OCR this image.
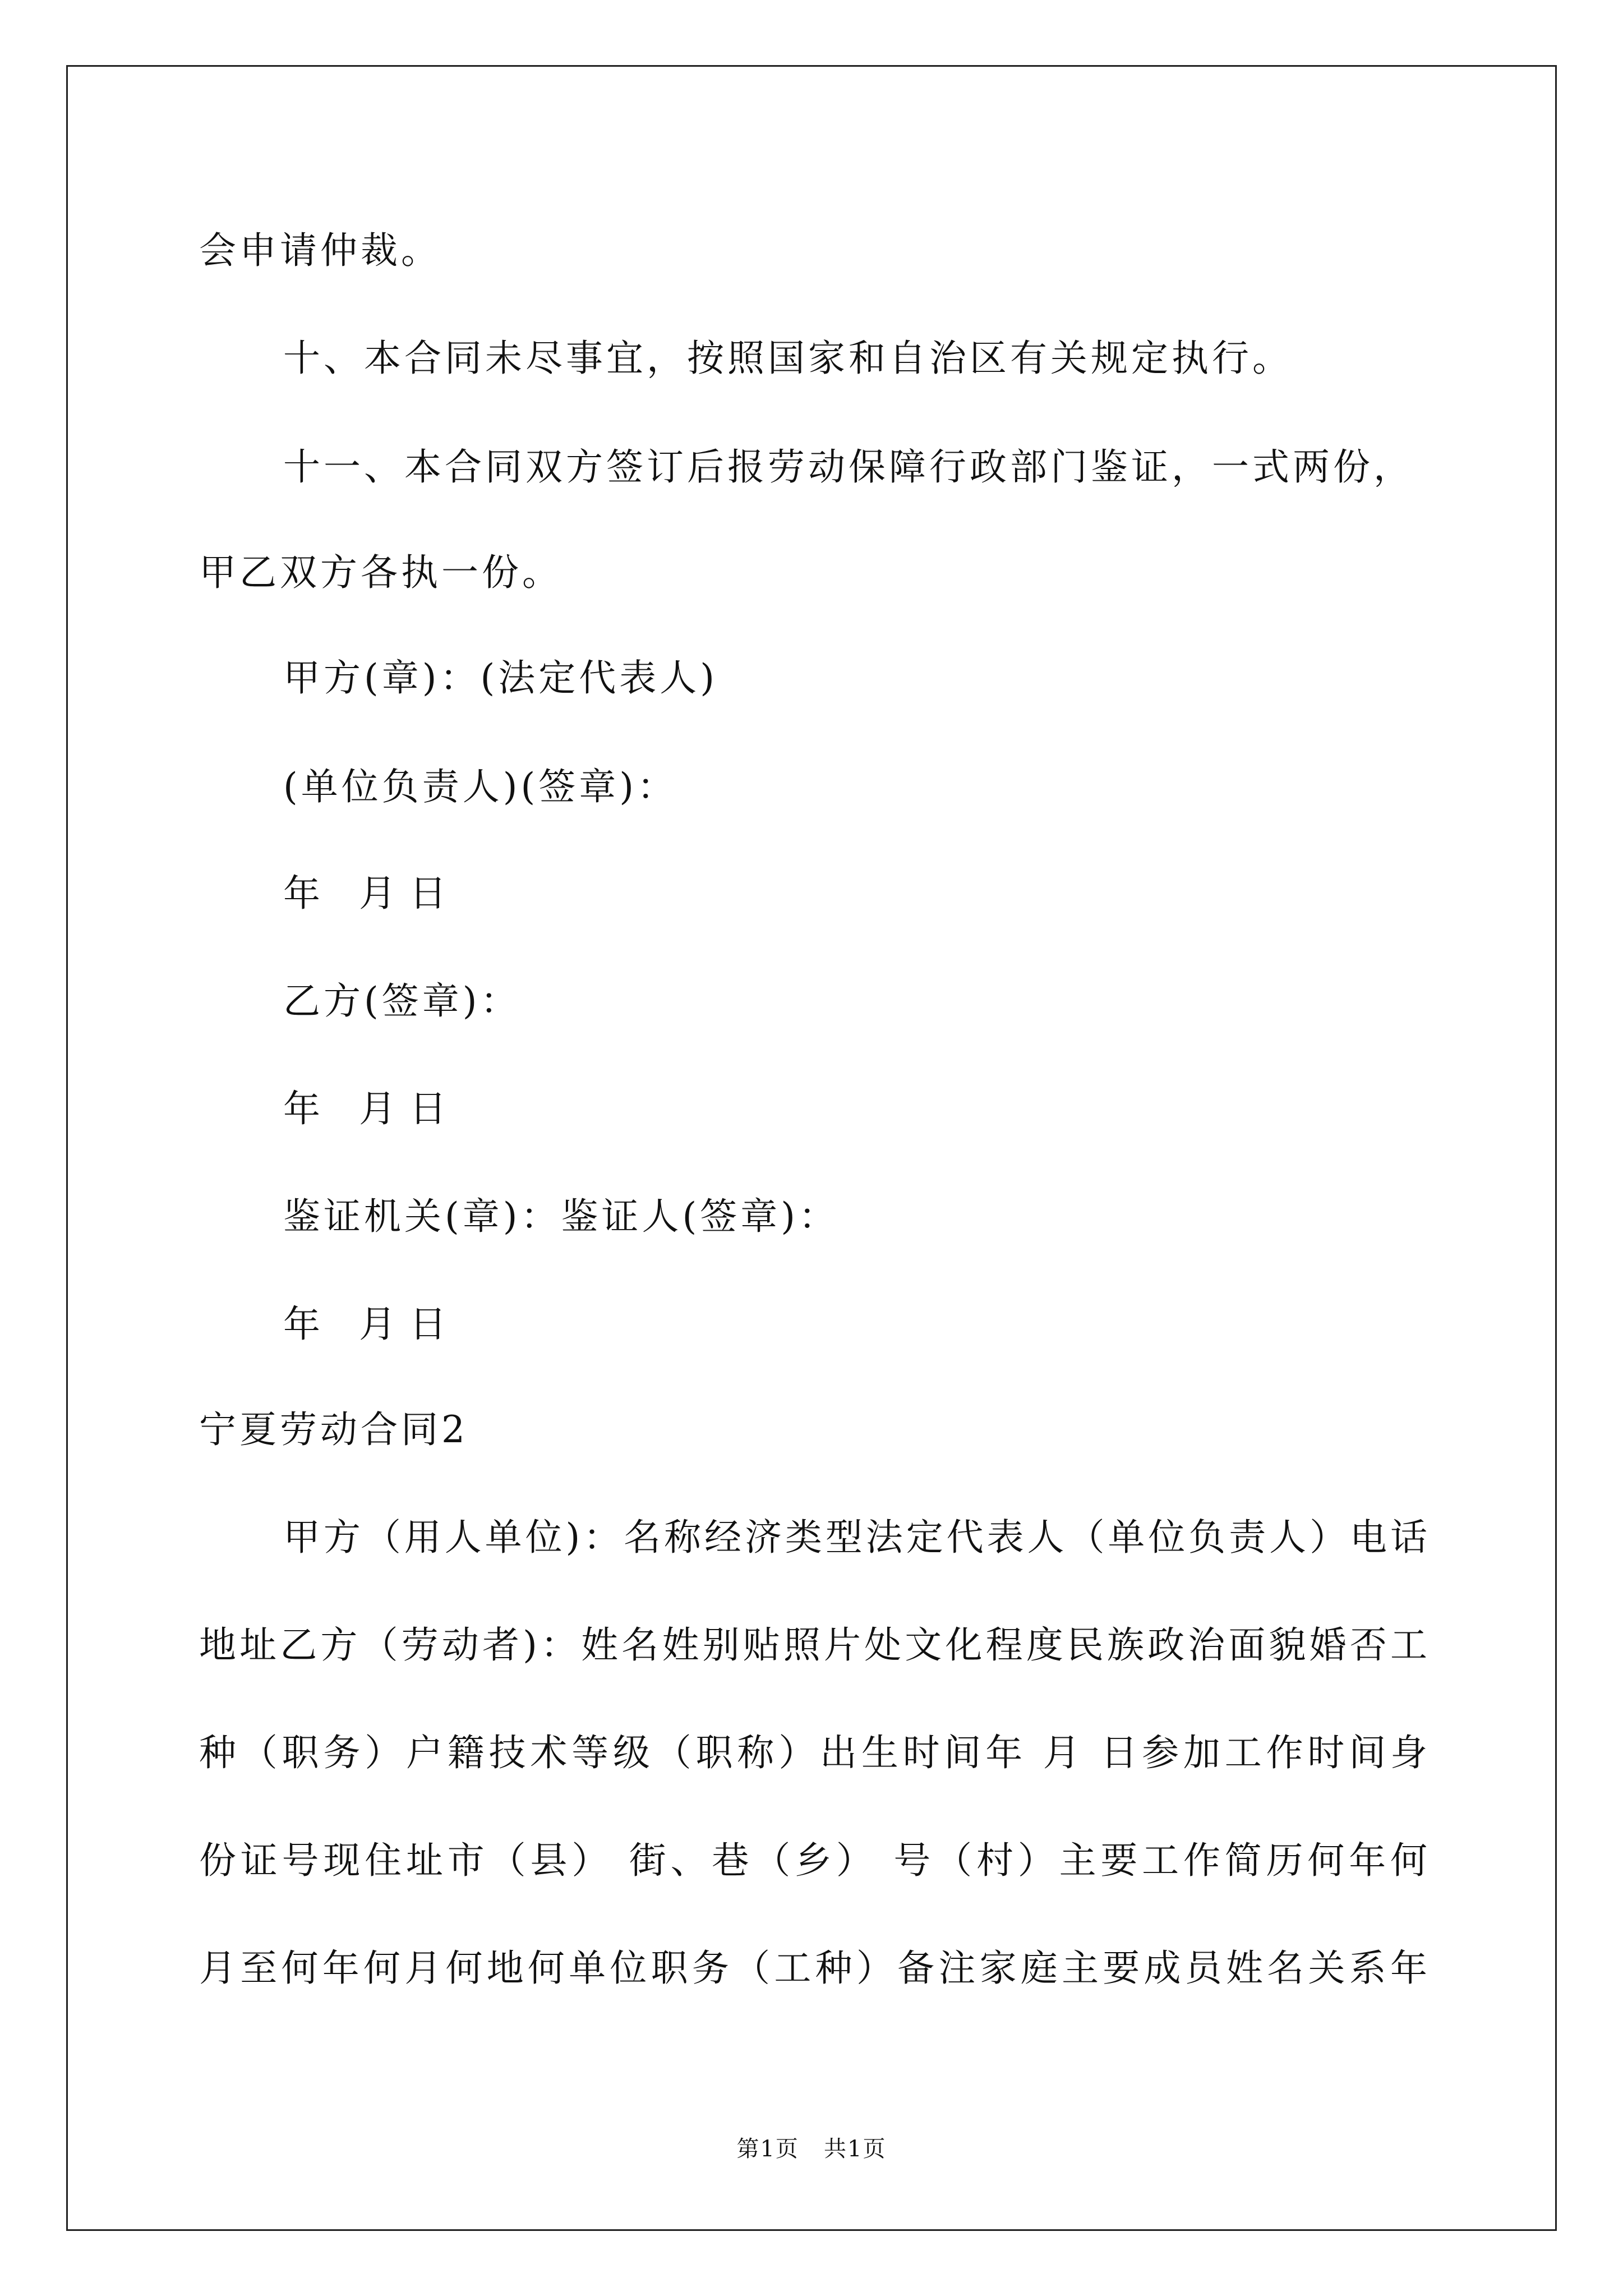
会申请仲裁。
十、本合同未尽事宜，按照国家和自治区有关规定执行。
十一、本合同双方签订后报劳动保障行政部门鉴证，一式两份，
甲乙双方各执一份。
甲方(章)：(法定代表人)
(单位负责人)(签章)：
年 月 日
乙方(签章)：
年 月 日
鉴证机关(章)：鉴证人(签章)：
年 月 日
宁夏劳动合同2
甲方（用人单位)：名称经济类型法定代表人（单位负责人）电话
地址乙方（劳动者)：姓名姓别贴照片处文化程度民族政治面貌婚否工
种（职务）户籍技术等级（职称）出生时间年 月 日参加工作时间身
份证号现住址市（县） 街、巷（乡） 号（村）主要工作简历何年何
月至何年何月何地何单位职务（工种）备注家庭主要成员姓名关系年
第1页   共1页
